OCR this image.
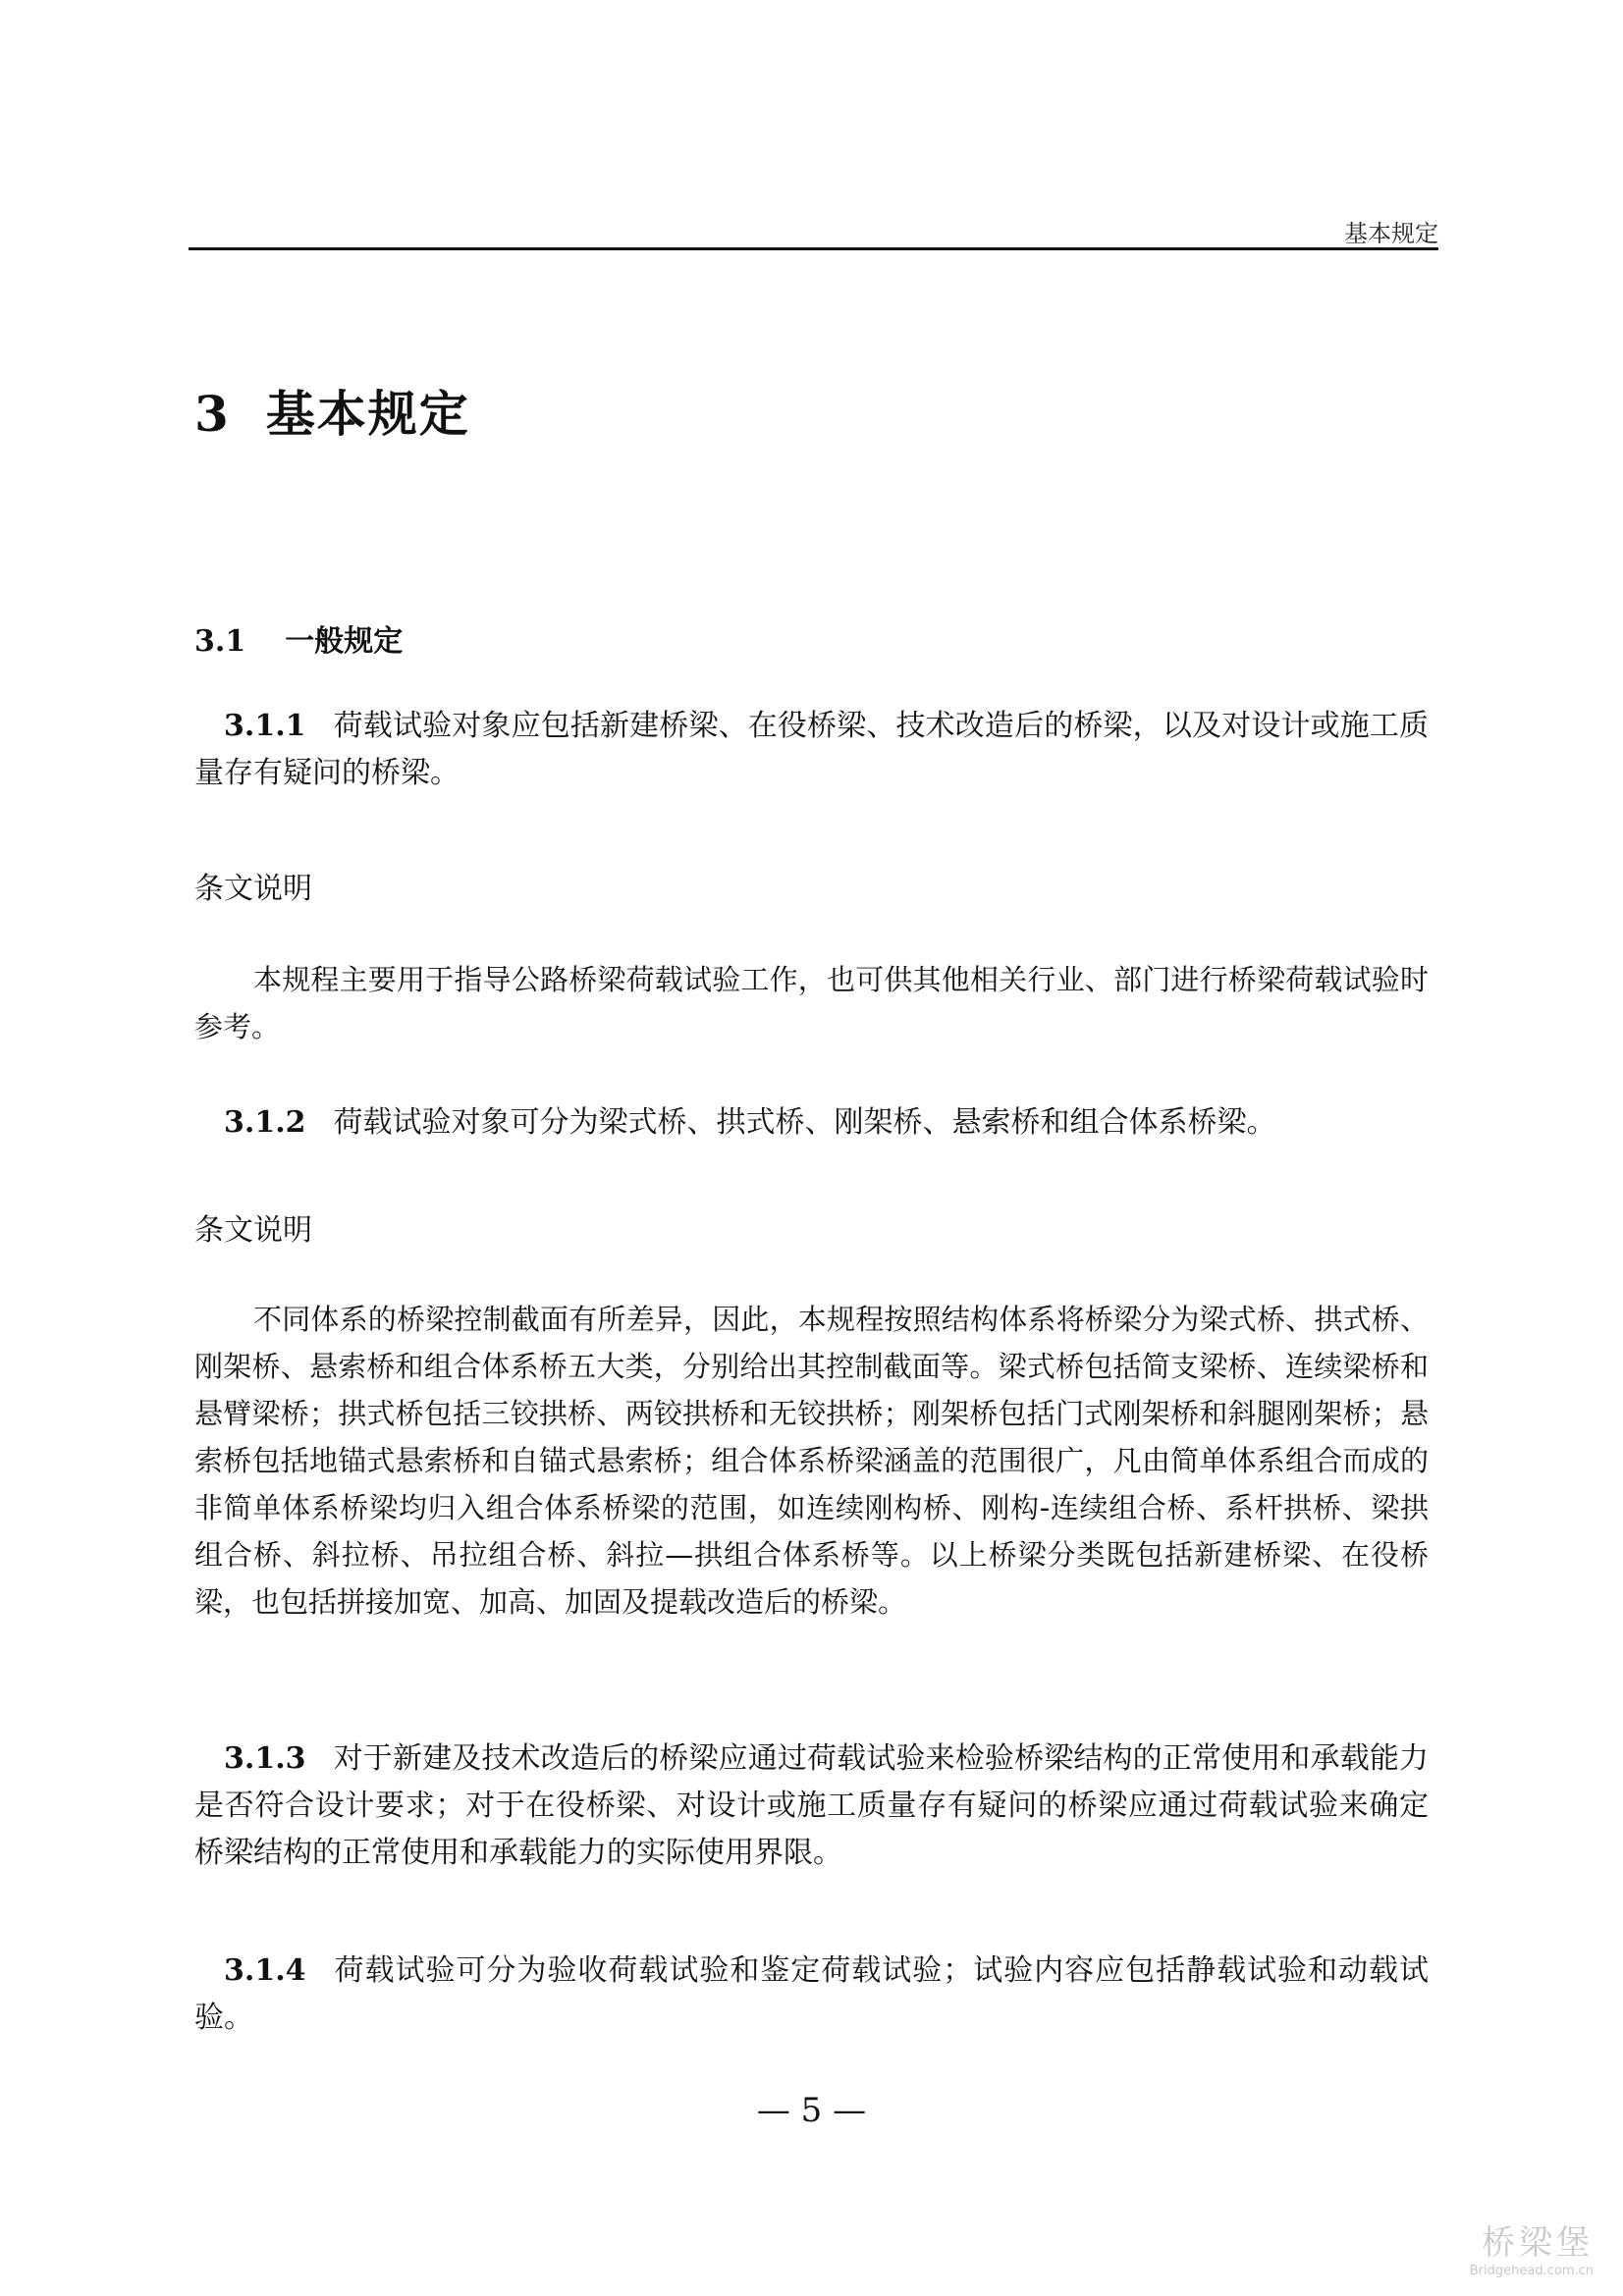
基本规定
3 基本规定
3.1 一般规定
3.1.1 荷载试验对象应包括新建桥梁、在役桥梁、技术改造后的桥梁，以及对设计或施工质量存有疑问的桥梁。
条文说明
本规程主要用于指导公路桥梁荷载试验工作，也可供其他相关行业、部门进行桥梁荷载试验时参考。
3.1.2 荷载试验对象可分为梁式桥、拱式桥、刚架桥、悬索桥和组合体系桥梁。
条文说明
不同体系的桥梁控制截面有所差异，因此，本规程按照结构体系将桥梁分为梁式桥、拱式桥、刚架桥、悬索桥和组合体系桥五大类，分别给出其控制截面等。梁式桥包括简支梁桥、连续梁桥和悬臂梁桥；拱式桥包括三铰拱桥、两铰拱桥和无铰拱桥；刚架桥包括门式刚架桥和斜腿刚架桥；悬索桥包括地锚式悬索桥和自锚式悬索桥；组合体系桥梁涵盖的范围很广，凡由简单体系组合而成的非简单体系桥梁均归入组合体系桥梁的范围，如连续刚构桥、刚构-连续组合桥、系杆拱桥、梁拱组合桥、斜拉桥、吊拉组合桥、斜拉—拱组合体系桥等。以上桥梁分类既包括新建桥梁、在役桥梁，也包括拼接加宽、加高、加固及提载改造后的桥梁。
3.1.3 对于新建及技术改造后的桥梁应通过荷载试验来检验桥梁结构的正常使用和承载能力是否符合设计要求；对于在役桥梁、对设计或施工质量存有疑问的桥梁应通过荷载试验来确定桥梁结构的正常使用和承载能力的实际使用界限。
3.1.4 荷载试验可分为验收荷载试验和鉴定荷载试验；试验内容应包括静载试验和动载试验。
— 5 —
桥梁堡
Bridgehead.com.cn
